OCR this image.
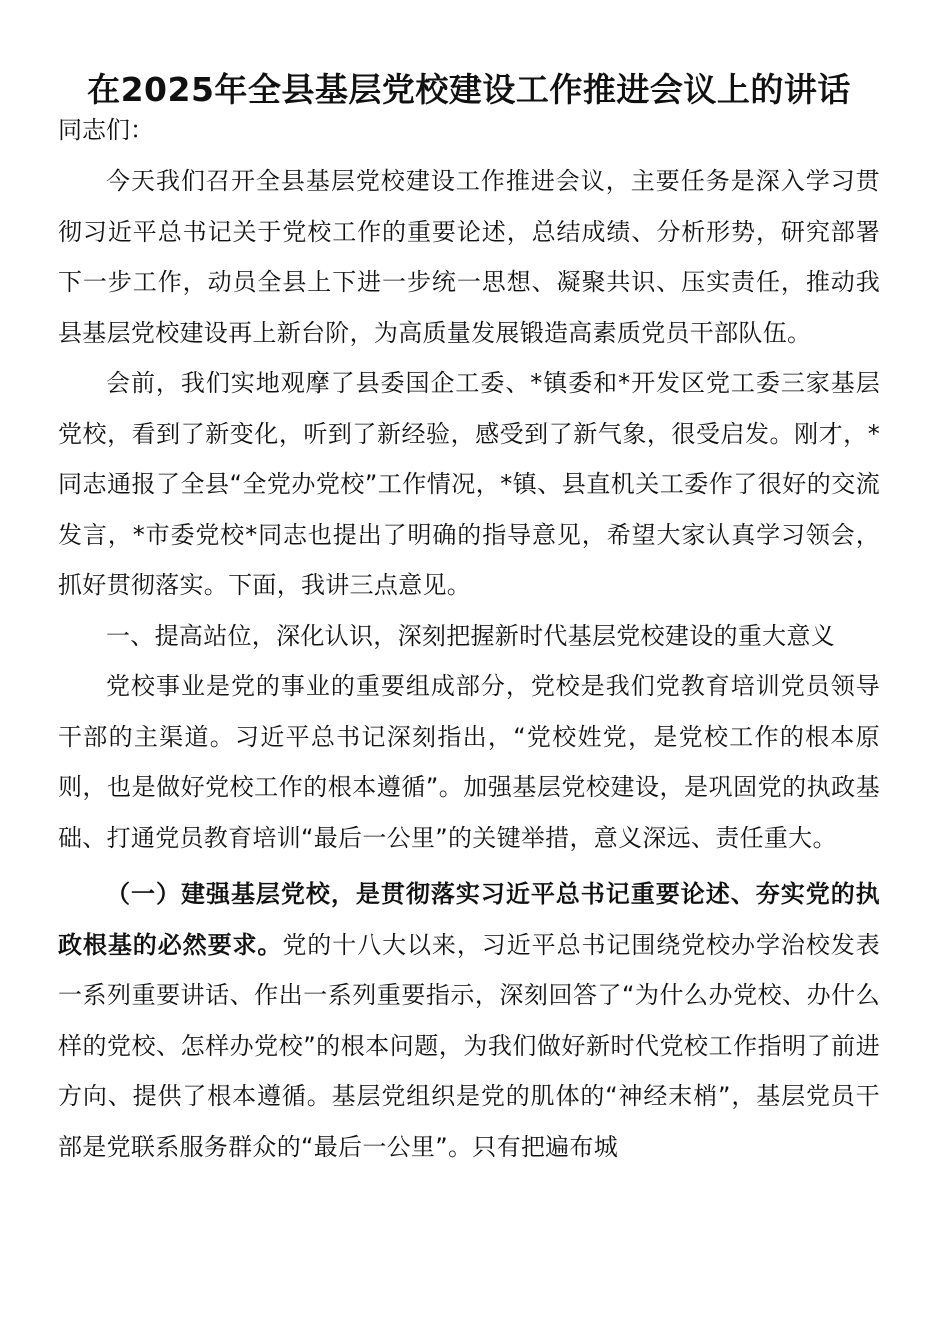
在2025年全县基层党校建设工作推进会议上的讲话

同志们：

今天我们召开全县基层党校建设工作推进会议，主要任务是深入学习贯彻习近平总书记关于党校工作的重要论述，总结成绩、分析形势，研究部署下一步工作，动员全县上下进一步统一思想、凝聚共识、压实责任，推动我县基层党校建设再上新台阶，为高质量发展锻造高素质党员干部队伍。

会前，我们实地观摩了县委国企工委、*镇委和*开发区党工委三家基层党校，看到了新变化，听到了新经验，感受到了新气象，很受启发。刚才，*同志通报了全县“全党办党校”工作情况，*镇、县直机关工委作了很好的交流发言，*市委党校*同志也提出了明确的指导意见，希望大家认真学习领会，抓好贯彻落实。下面，我讲三点意见。

一、提高站位，深化认识，深刻把握新时代基层党校建设的重大意义

党校事业是党的事业的重要组成部分，党校是我们党教育培训党员领导干部的主渠道。习近平总书记深刻指出，“党校姓党，是党校工作的根本原则，也是做好党校工作的根本遵循”。加强基层党校建设，是巩固党的执政基础、打通党员教育培训“最后一公里”的关键举措，意义深远、责任重大。

（一）建强基层党校，是贯彻落实习近平总书记重要论述、夯实党的执政根基的必然要求。党的十八大以来，习近平总书记围绕党校办学治校发表一系列重要讲话、作出一系列重要指示，深刻回答了“为什么办党校、办什么样的党校、怎样办党校”的根本问题，为我们做好新时代党校工作指明了前进方向、提供了根本遵循。基层党组织是党的肌体的“神经末梢”，基层党员干部是党联系服务群众的“最后一公里”。只有把遍布城
